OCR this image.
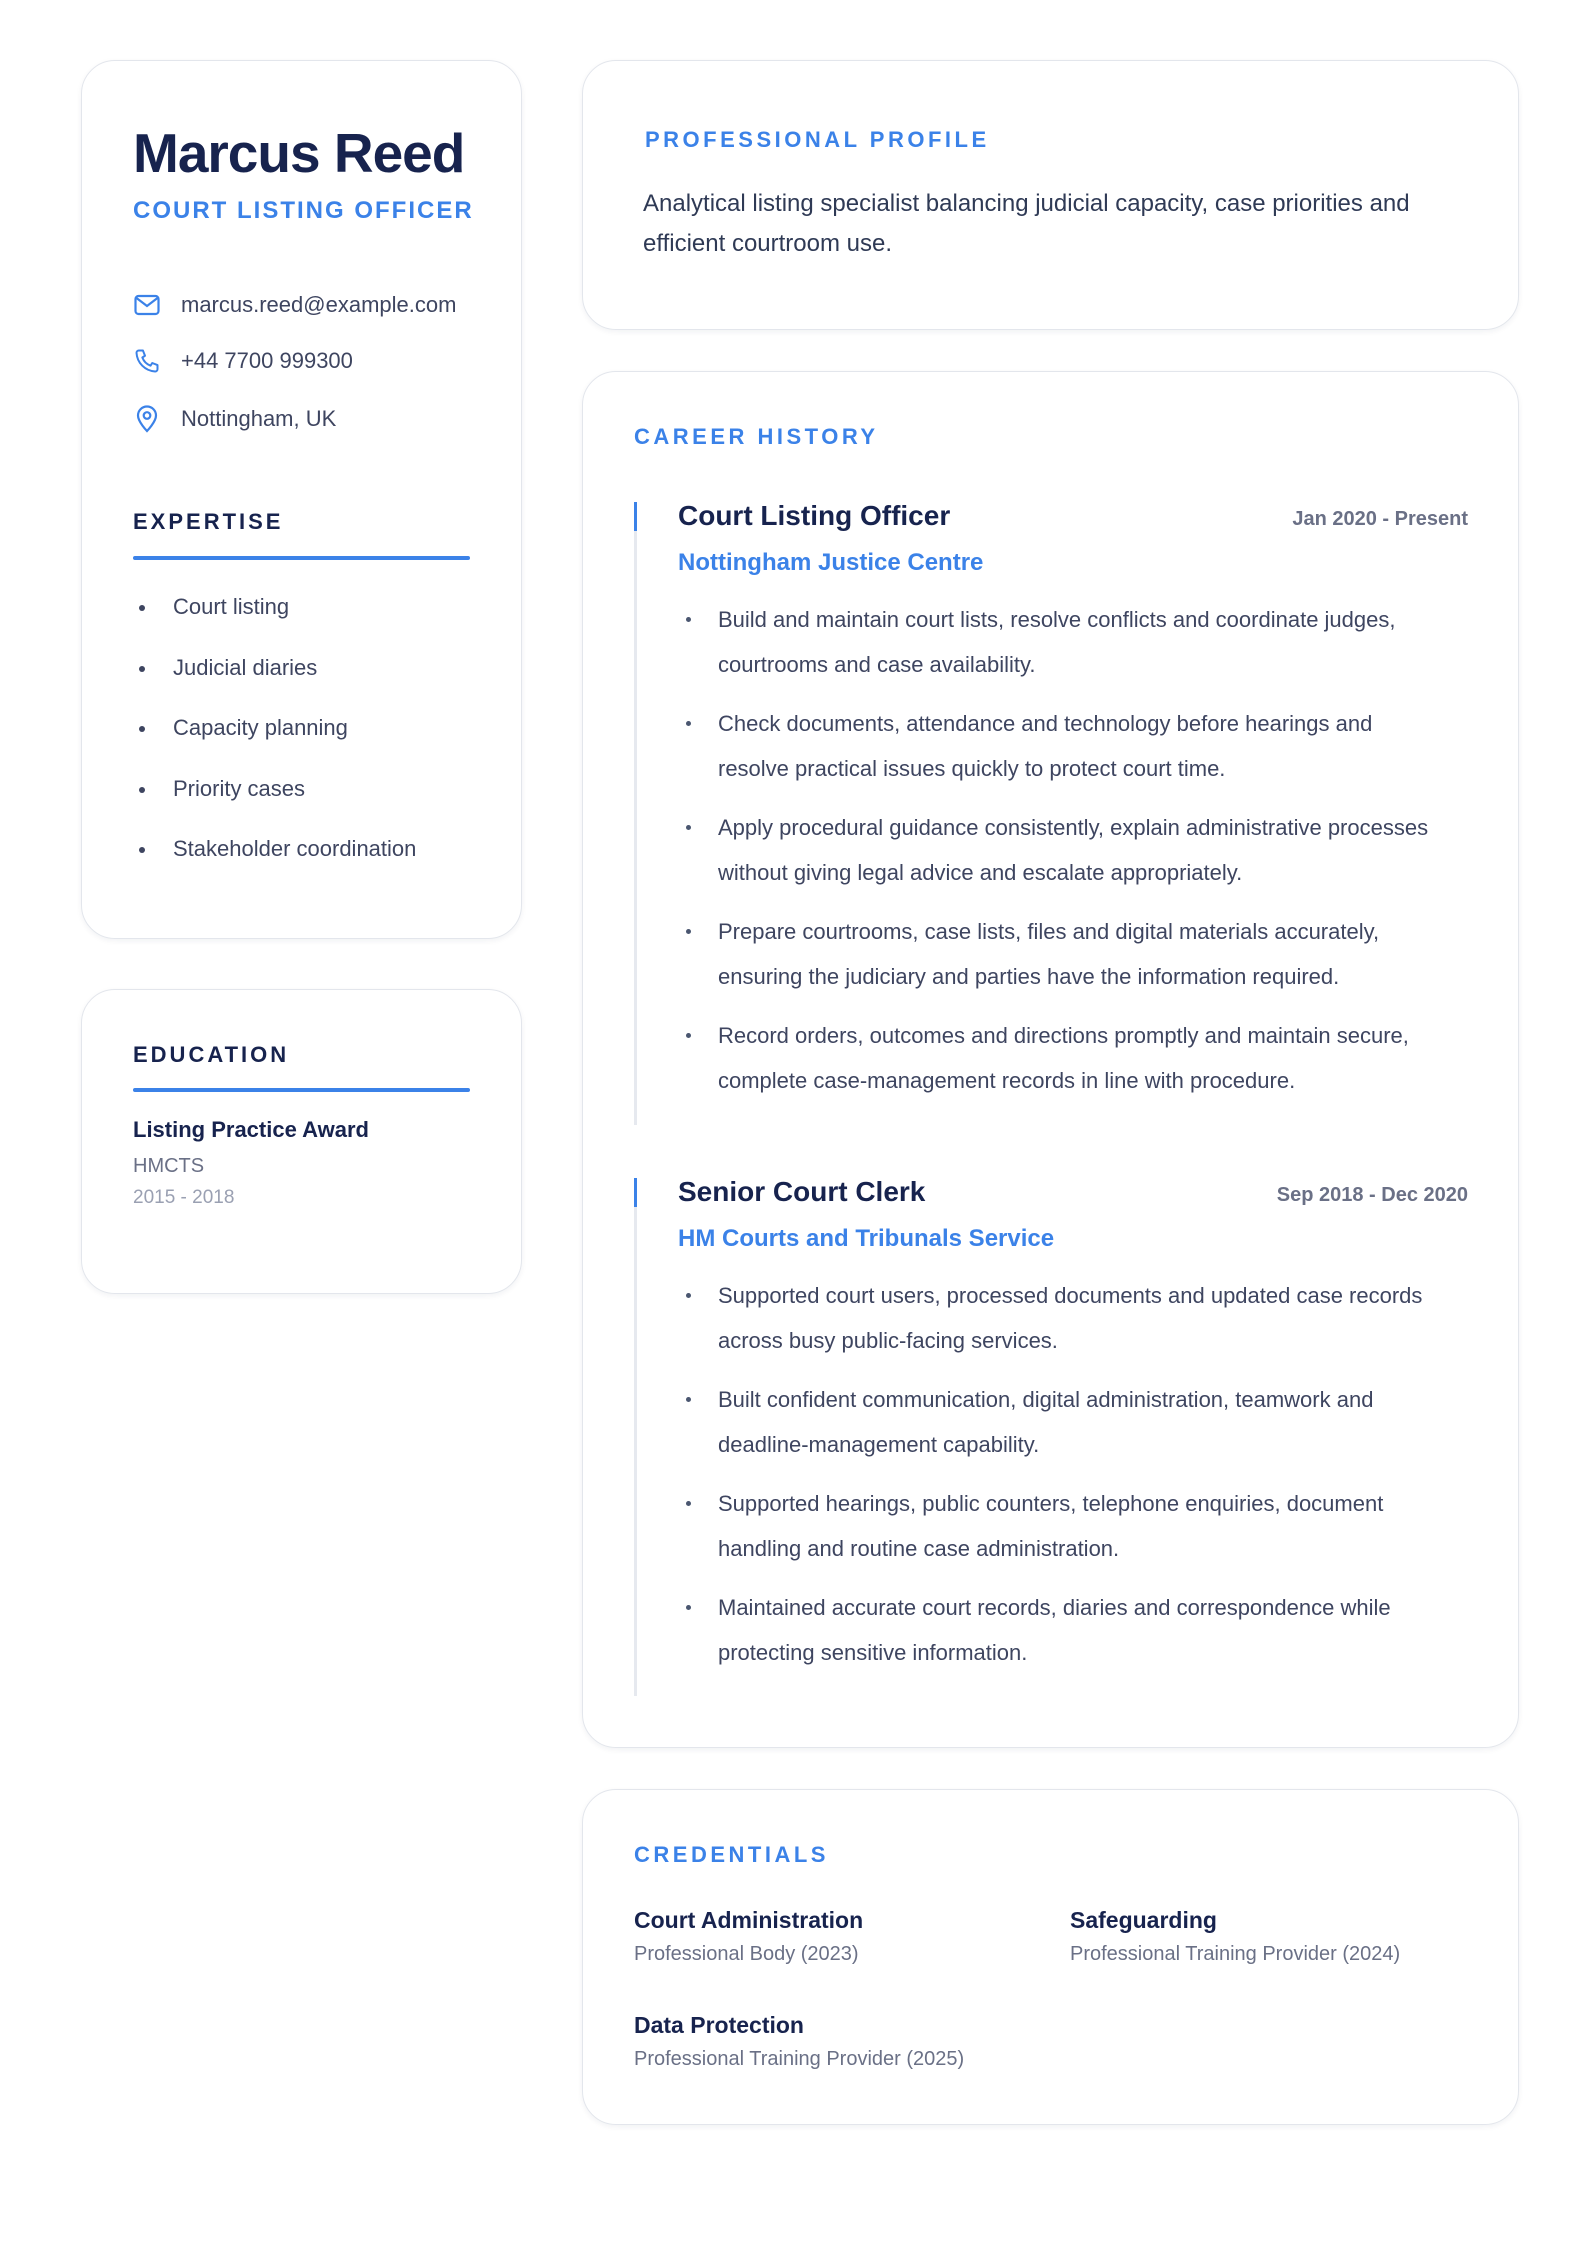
Marcus Reed
COURT LISTING OFFICER
marcus.reed@example.com
+44 7700 999300
Nottingham, UK
EXPERTISE
Court listing
Judicial diaries
Capacity planning
Priority cases
Stakeholder coordination
EDUCATION
Listing Practice Award
HMCTS
2015 - 2018
PROFESSIONAL PROFILE
Analytical listing specialist balancing judicial capacity, case priorities and efficient courtroom use.
CAREER HISTORY
Court Listing Officer	Jan 2020 - Present
Nottingham Justice Centre
Build and maintain court lists, resolve conflicts and coordinate judges, courtrooms and case availability.
Check documents, attendance and technology before hearings and resolve practical issues quickly to protect court time.
Apply procedural guidance consistently, explain administrative processes without giving legal advice and escalate appropriately.
Prepare courtrooms, case lists, files and digital materials accurately, ensuring the judiciary and parties have the information required.
Record orders, outcomes and directions promptly and maintain secure, complete case-management records in line with procedure.
Senior Court Clerk	Sep 2018 - Dec 2020
HM Courts and Tribunals Service
Supported court users, processed documents and updated case records across busy public-facing services.
Built confident communication, digital administration, teamwork and deadline-management capability.
Supported hearings, public counters, telephone enquiries, document handling and routine case administration.
Maintained accurate court records, diaries and correspondence while protecting sensitive information.
CREDENTIALS
Court Administration
Professional Body (2023)
Safeguarding
Professional Training Provider (2024)
Data Protection
Professional Training Provider (2025)
